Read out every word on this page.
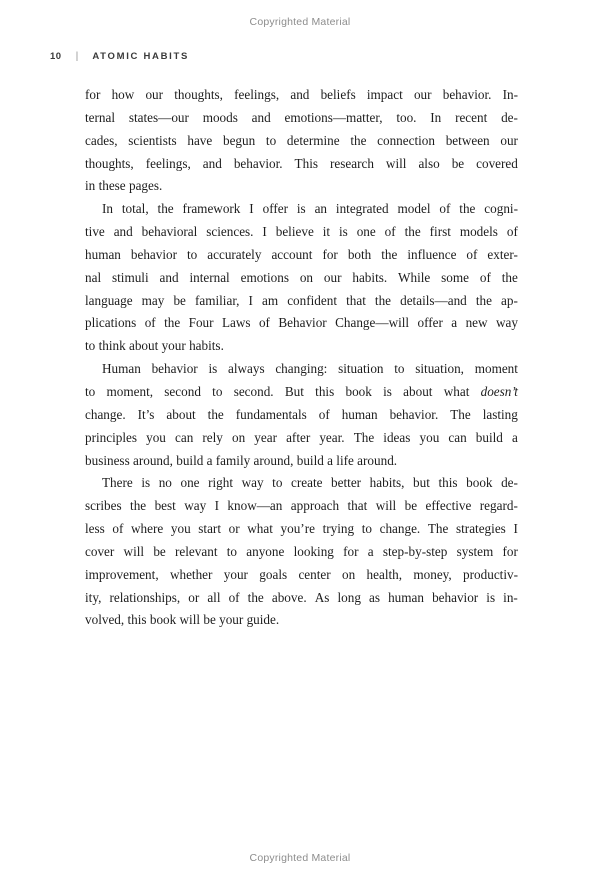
Copyrighted Material
10 | ATOMIC HABITS
for how our thoughts, feelings, and beliefs impact our behavior. In-
ternal states—our moods and emotions—matter, too. In recent de-
cades, scientists have begun to determine the connection between our
thoughts, feelings, and behavior. This research will also be covered
in these pages.
In total, the framework I offer is an integrated model of the cogni-
tive and behavioral sciences. I believe it is one of the first models of
human behavior to accurately account for both the influence of exter-
nal stimuli and internal emotions on our habits. While some of the
language may be familiar, I am confident that the details—and the ap-
plications of the Four Laws of Behavior Change—will offer a new way
to think about your habits.
Human behavior is always changing: situation to situation, moment
to moment, second to second. But this book is about what doesn’t
change. It’s about the fundamentals of human behavior. The lasting
principles you can rely on year after year. The ideas you can build a
business around, build a family around, build a life around.
There is no one right way to create better habits, but this book de-
scribes the best way I know—an approach that will be effective regard-
less of where you start or what you’re trying to change. The strategies I
cover will be relevant to anyone looking for a step-by-step system for
improvement, whether your goals center on health, money, productiv-
ity, relationships, or all of the above. As long as human behavior is in-
volved, this book will be your guide.
Copyrighted Material
